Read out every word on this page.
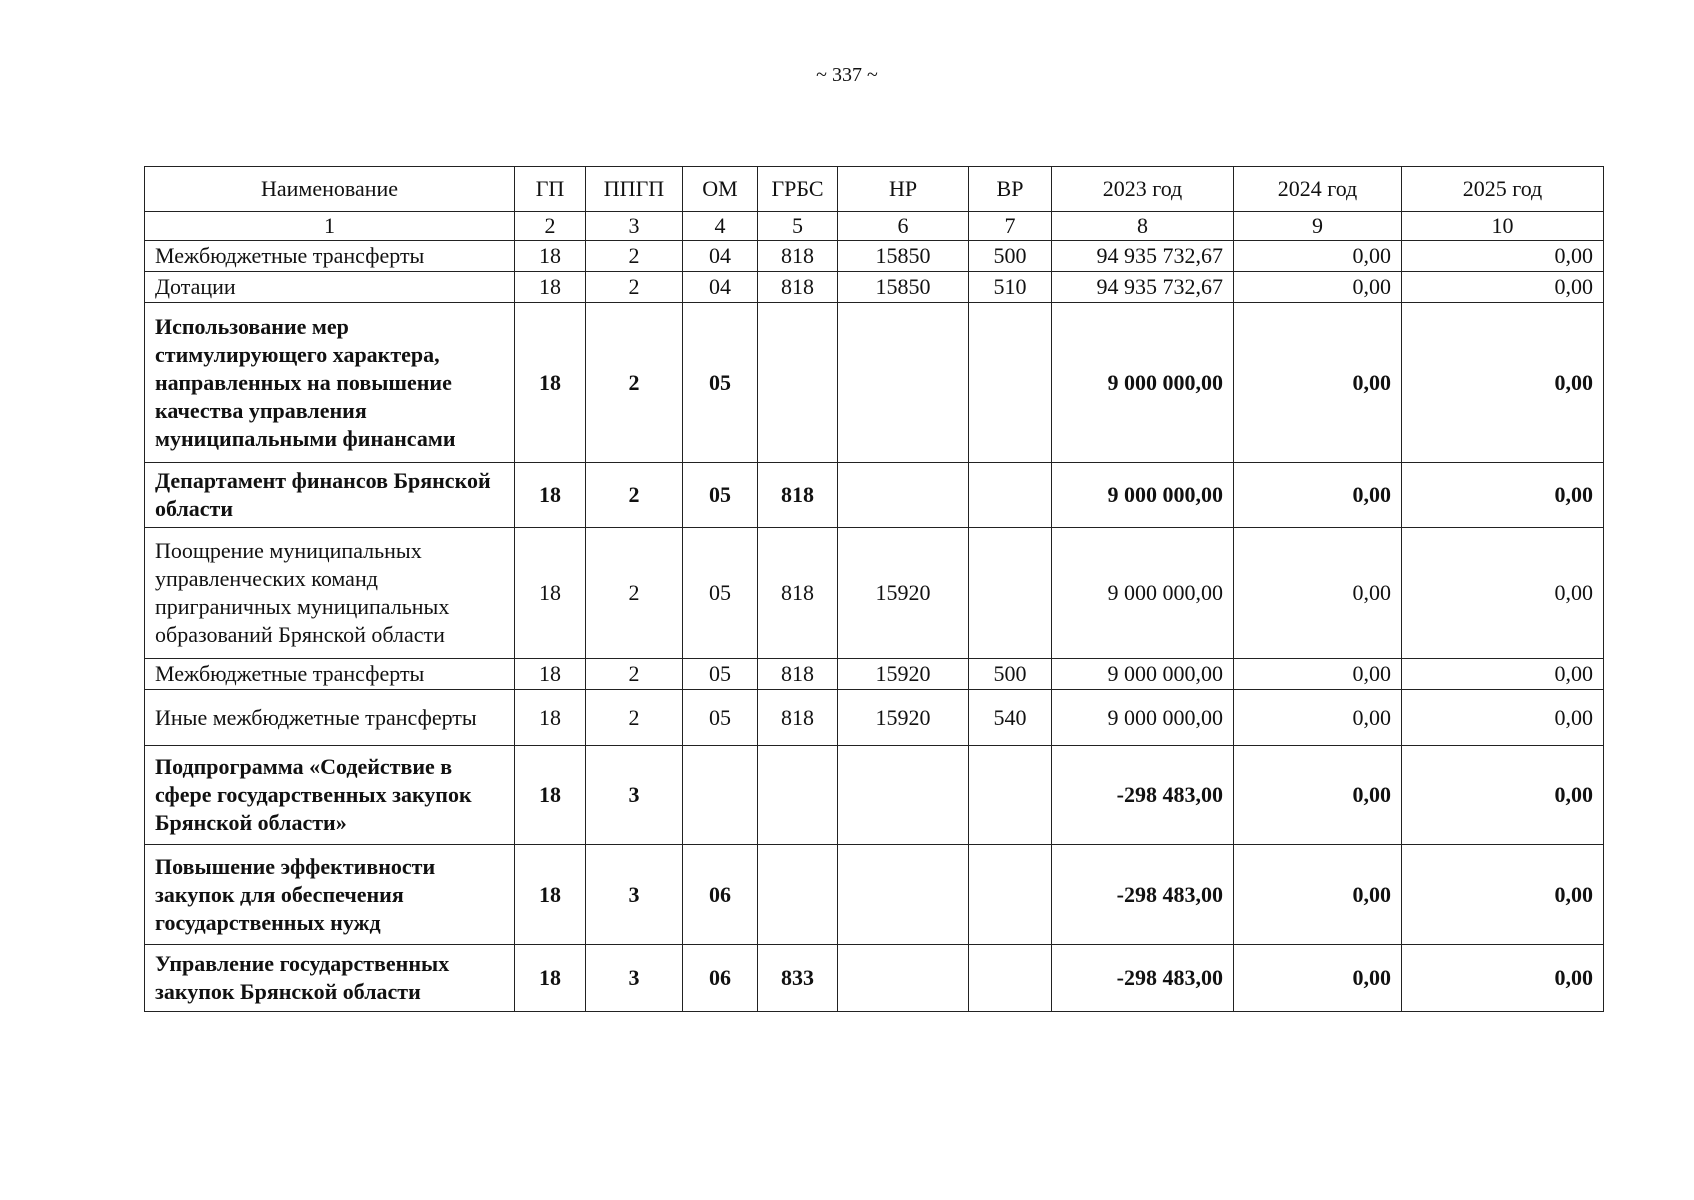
~ 337 ~
Наименование	ГП	ППГП	ОМ	ГРБС	НР	ВР	2023 год	2024 год	2025 год
1	2	3	4	5	6	7	8	9	10
Межбюджетные трансферты	18	2	04	818	15850	500	94 935 732,67	0,00	0,00
Дотации	18	2	04	818	15850	510	94 935 732,67	0,00	0,00
Использование мер стимулирующего характера, направленных на повышение качества управления муниципальными финансами	18	2	05				9 000 000,00	0,00	0,00
Департамент финансов Брянской области	18	2	05	818			9 000 000,00	0,00	0,00
Поощрение муниципальных управленческих команд приграничных муниципальных образований Брянской области	18	2	05	818	15920		9 000 000,00	0,00	0,00
Межбюджетные трансферты	18	2	05	818	15920	500	9 000 000,00	0,00	0,00
Иные межбюджетные трансферты	18	2	05	818	15920	540	9 000 000,00	0,00	0,00
Подпрограмма «Содействие в сфере государственных закупок Брянской области»	18	3					-298 483,00	0,00	0,00
Повышение эффективности закупок для обеспечения государственных нужд	18	3	06				-298 483,00	0,00	0,00
Управление государственных закупок Брянской области	18	3	06	833			-298 483,00	0,00	0,00
